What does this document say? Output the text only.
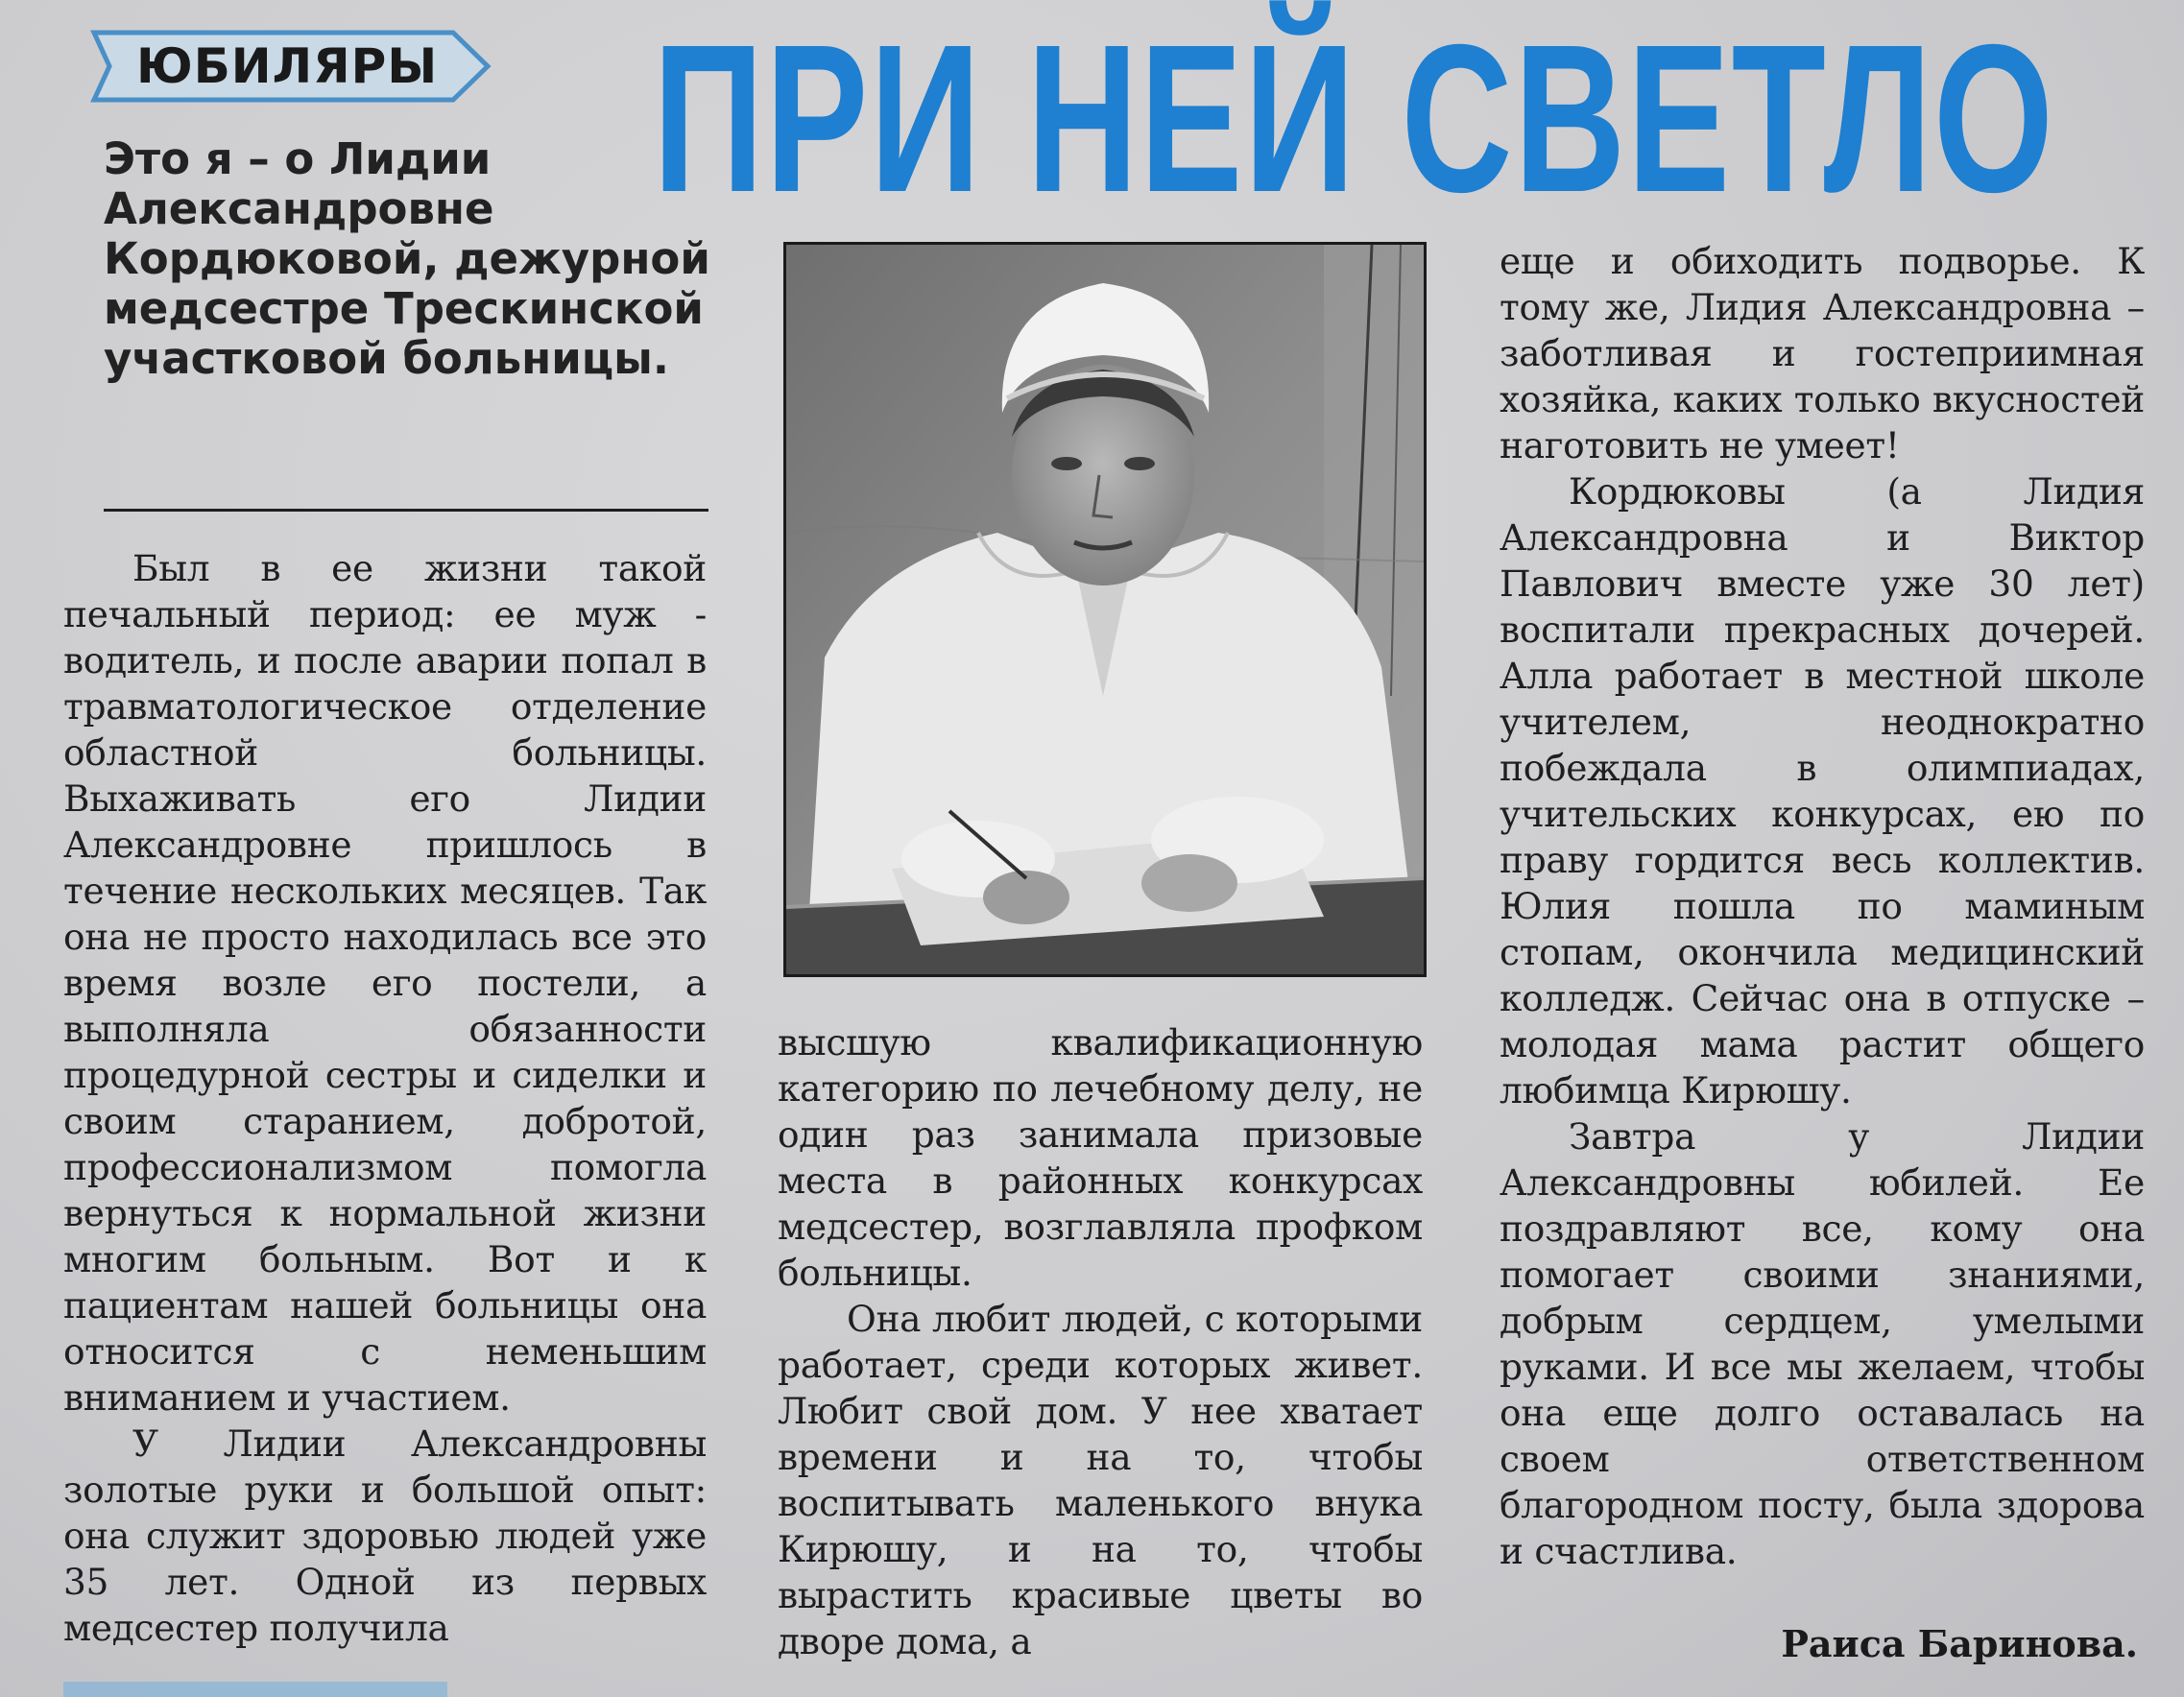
ЮБИЛЯРЫ ПРИ НЕЙ СВЕТЛО
Это я – о Лидии Александровне Кордюковой, дежурной медсестре Трескинской участковой больницы.

Был в ее жизни такой печальный период: ее муж - водитель, и после аварии попал в травматологическое отделение областной больницы. Выхаживать его Лидии Александровне пришлось в течение нескольких месяцев. Так она не просто находилась все это время возле его постели, а выполняла обязанности процедурной сестры и сиделки и своим старанием, добротой, профессионализмом помогла вернуться к нормальной жизни многим больным. Вот и к пациентам нашей больницы она относится с неменьшим вниманием и участием.

У Лидии Александровны золотые руки и большой опыт: она служит здоровью людей уже 35 лет. Одной из первых медсестер получила

высшую квалификационную категорию по лечебному делу, не один раз занимала призовые места в районных конкурсах медсестер, возглавляла профком больницы.

Она любит людей, с которыми работает, среди которых живет. Любит свой дом. У нее хватает времени и на то, чтобы воспитывать маленького внука Кирюшу, и на то, чтобы вырастить красивые цветы во дворе дома, а

еще и обиходить подворье. К тому же, Лидия Александровна – заботливая и гостеприимная хозяйка, каких только вкусностей наготовить не умеет!

Кордюковы (а Лидия Александровна и Виктор Павлович вместе уже 30 лет) воспитали прекрасных дочерей. Алла работает в местной школе учителем, неоднократно побеждала в олимпиадах, учительских конкурсах, ею по праву гордится весь коллектив. Юлия пошла по маминым стопам, окончила медицинский колледж. Сейчас она в отпуске – молодая мама растит общего любимца Кирюшу.

Завтра у Лидии Александровны юбилей. Ее поздравляют все, кому она помогает своими знаниями, добрым сердцем, умелыми руками. И все мы желаем, чтобы она еще долго оставалась на своем ответственном благородном посту, была здорова и счастлива.

Раиса Баринова.
